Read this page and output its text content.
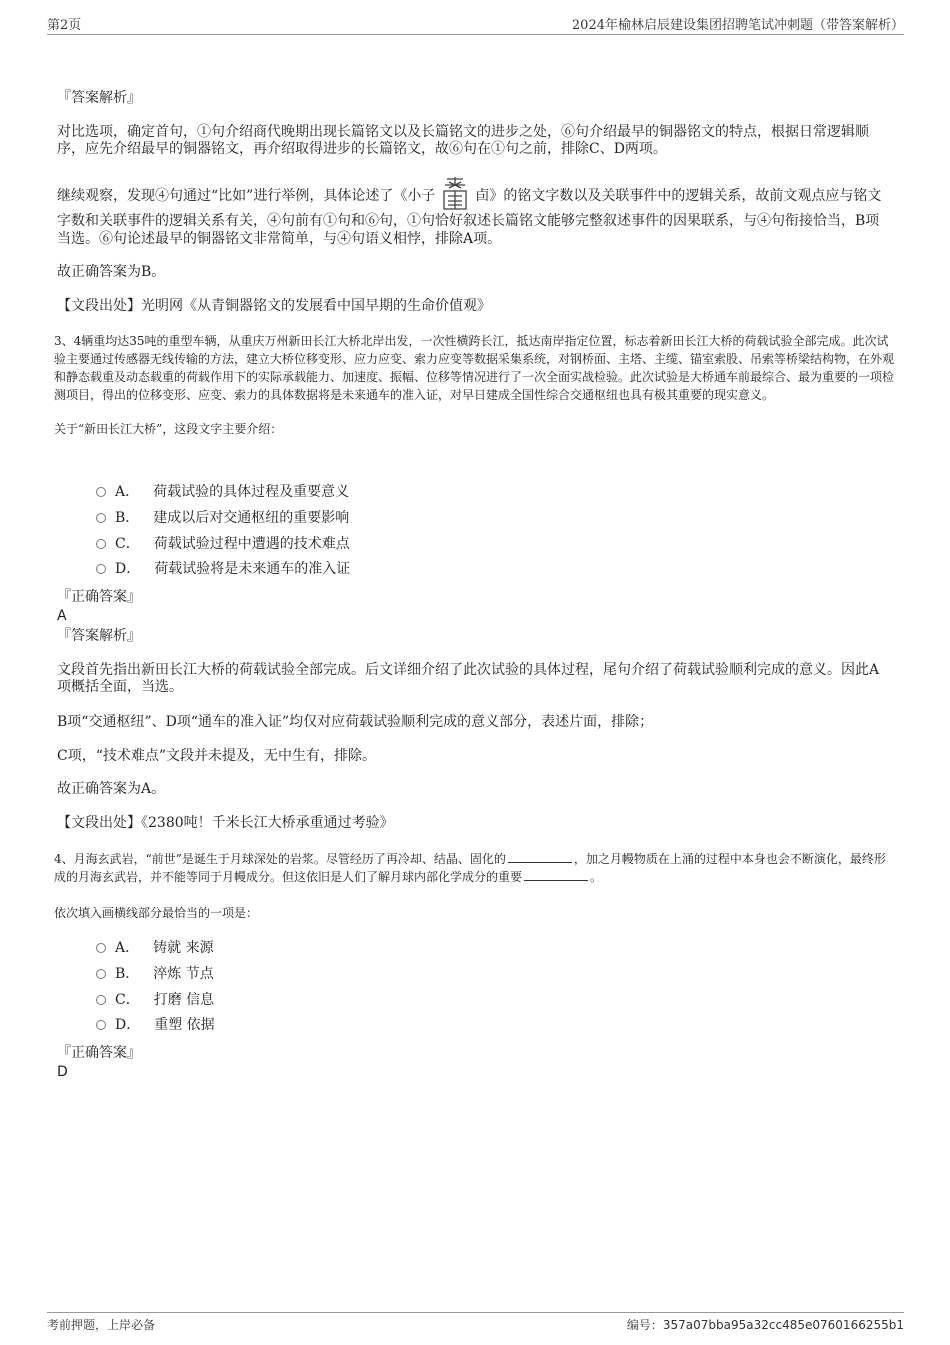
第2页	2024年榆林启辰建设集团招聘笔试冲刺题（带答案解析）
『答案解析』
对比选项，确定首句，①句介绍商代晚期出现长篇铭文以及长篇铭文的进步之处，⑥句介绍最早的铜器铭文的特点，根据日常逻辑顺序，应先介绍最早的铜器铭文，再介绍取得进步的长篇铭文，故⑥句在①句之前，排除C、D两项。
继续观察，发现④句通过“比如”进行举例，具体论述了《小子	卣》的铭文字数以及关联事件中的逻辑关系，故前文观点应与铭文字数和关联事件的逻辑关系有关，④句前有①句和⑥句，①句恰好叙述长篇铭文能够完整叙述事件的因果联系，与④句衔接恰当，B项当选。⑥句论述最早的铜器铭文非常简单，与④句语义相悖，排除A项。
故正确答案为B。
【文段出处】光明网《从青铜器铭文的发展看中国早期的生命价值观》
3、4辆重均达35吨的重型车辆，从重庆万州新田长江大桥北岸出发，一次性横跨长江，抵达南岸指定位置，标志着新田长江大桥的荷载试验全部完成。此次试验主要通过传感器无线传输的方法，建立大桥位移变形、应力应变、索力应变等数据采集系统，对钢桥面、主塔、主缆、锚室索股、吊索等桥梁结构物，在外观和静态载重及动态载重的荷载作用下的实际承载能力、加速度、振幅、位移等情况进行了一次全面实战检验。此次试验是大桥通车前最综合、最为重要的一项检测项目，得出的位移变形、应变、索力的具体数据将是未来通车的准入证，对早日建成全国性综合交通枢纽也具有极其重要的现实意义。
关于“新田长江大桥”，这段文字主要介绍：
A． 荷载试验的具体过程及重要意义
B． 建成以后对交通枢纽的重要影响
C． 荷载试验过程中遭遇的技术难点
D． 荷载试验将是未来通车的准入证
『正确答案』
A
『答案解析』
文段首先指出新田长江大桥的荷载试验全部完成。后文详细介绍了此次试验的具体过程，尾句介绍了荷载试验顺利完成的意义。因此A项概括全面，当选。
B项“交通枢纽”、D项“通车的准入证”均仅对应荷载试验顺利完成的意义部分，表述片面，排除；
C项，“技术难点”文段并未提及，无中生有，排除。
故正确答案为A。
【文段出处】《2380吨！千米长江大桥承重通过考验》
4、月海玄武岩，“前世”是诞生于月球深处的岩浆。尽管经历了再冷却、结晶、固化的	，加之月幔物质在上涌的过程中本身也会不断演化，最终形成的月海玄武岩，并不能等同于月幔成分。但这依旧是人们了解月球内部化学成分的重要	。
依次填入画横线部分最恰当的一项是：
A． 铸就 来源
B． 淬炼 节点
C． 打磨 信息
D． 重塑 依据
『正确答案』
D
考前押题，上岸必备	编号：357a07bba95a32cc485e0760166255b1
